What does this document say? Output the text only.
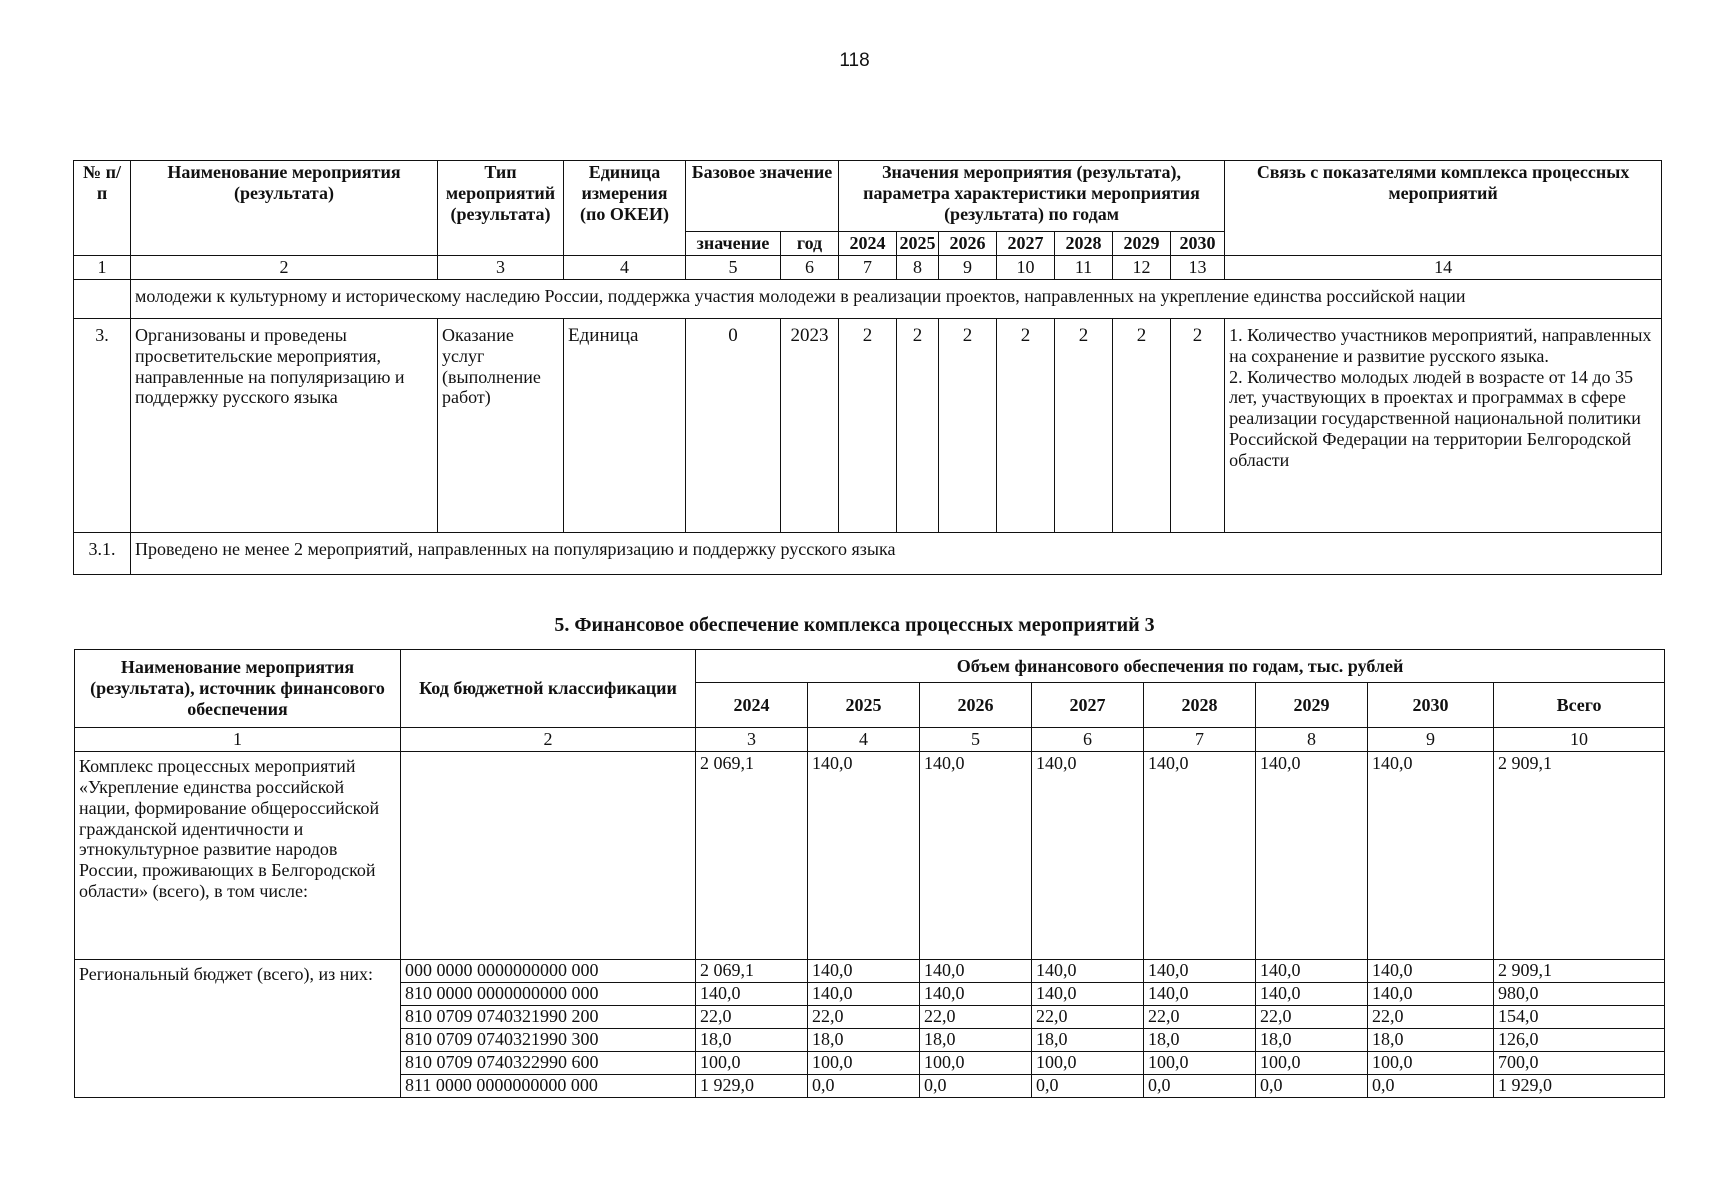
118
№ п/п	Наименование мероприятия (результата)	Тип мероприятий (результата)	Единица измерения (по ОКЕИ)	Базовое значение		Значения мероприятия (результата), параметра характеристики мероприятия (результата) по годам							Связь с показателями комплекса процессных мероприятий
				значение	год	2024	2025	2026	2027	2028	2029	2030	
1	2	3	4	5	6	7	8	9	10	11	12	13	14
	молодежи к культурному и историческому наследию России, поддержка участия молодежи в реализации проектов, направленных на укрепление единства российской нации												
3.	Организованы и проведены просветительские мероприятия, направленные на популяризацию и поддержку русского языка	Оказание услуг (выполнение работ)	Единица	0	2023	2	2	2	2	2	2	2	1. Количество участников мероприятий, направленных на сохранение и развитие русского языка.
2. Количество молодых людей в возрасте от 14 до 35 лет, участвующих в проектах и программах в сфере реализации государственной национальной политики Российской Федерации на территории Белгородской области

3.1.	Проведено не менее 2 мероприятий, направленных на популяризацию и поддержку русского языка												
5. Финансовое обеспечение комплекса процессных мероприятий 3
Наименование мероприятия (результата), источник финансового обеспечения	Код бюджетной классификации	Объем финансового обеспечения по годам, тыс. рублей							
		2024	2025	2026	2027	2028	2029	2030	Всего
1	2	3	4	5	6	7	8	9	10
Комплекс процессных мероприятий «Укрепление единства российской нации, формирование общероссийской гражданской идентичности и этнокультурное развитие народов России, проживающих в Белгородской области» (всего), в том числе:		2 069,1	140,0	140,0	140,0	140,0	140,0	140,0	2 909,1
Региональный бюджет (всего), из них:	000 0000 0000000000 000	2 069,1	140,0	140,0	140,0	140,0	140,0	140,0	2 909,1
	810 0000 0000000000 000	140,0	140,0	140,0	140,0	140,0	140,0	140,0	980,0
	810 0709 0740321990 200	22,0	22,0	22,0	22,0	22,0	22,0	22,0	154,0
	810 0709 0740321990 300	18,0	18,0	18,0	18,0	18,0	18,0	18,0	126,0
	810 0709 0740322990 600	100,0	100,0	100,0	100,0	100,0	100,0	100,0	700,0
	811 0000 0000000000 000	1 929,0	0,0	0,0	0,0	0,0	0,0	0,0	1 929,0
